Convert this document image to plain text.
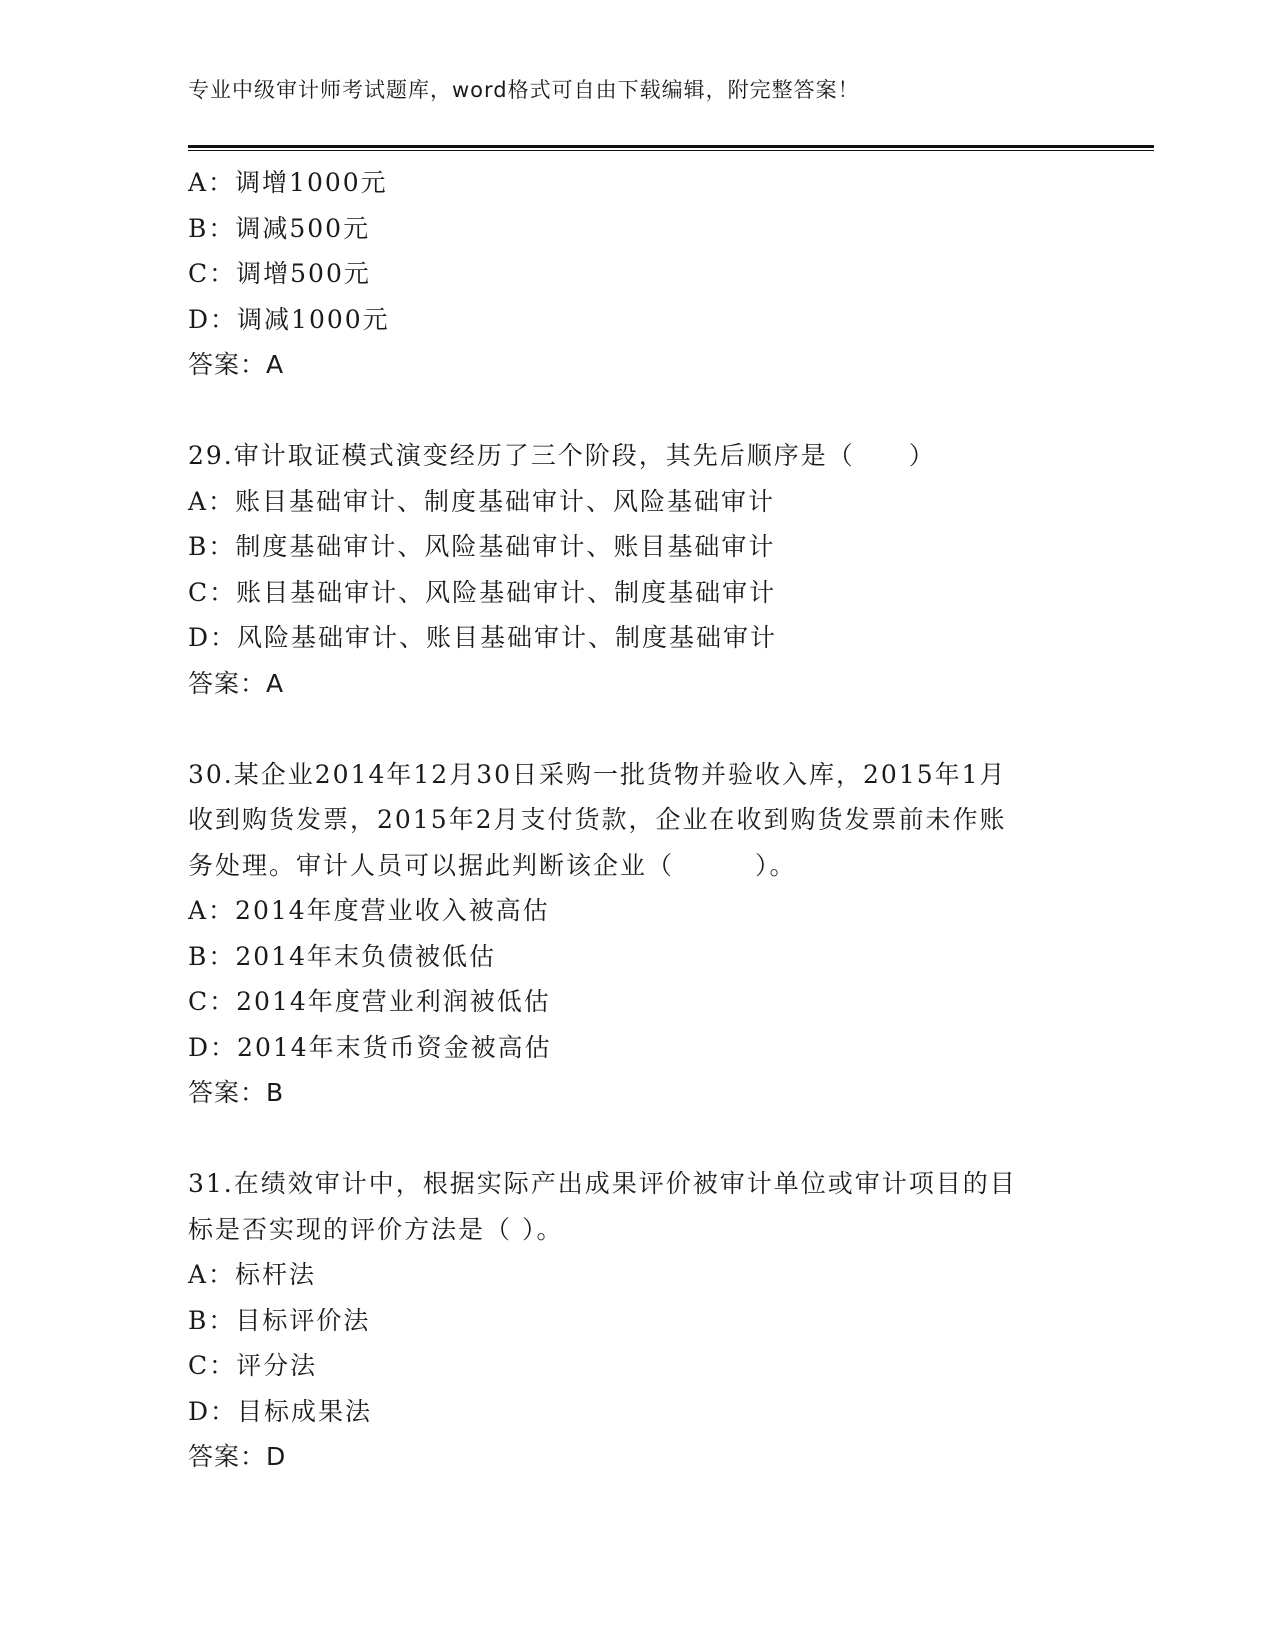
专业中级审计师考试题库，word格式可自由下载编辑，附完整答案！
A：调增1000元
B：调减500元
C：调增500元
D：调减1000元
答案：A
29.审计取证模式演变经历了三个阶段，其先后顺序是（　　）
A：账目基础审计、制度基础审计、风险基础审计
B：制度基础审计、风险基础审计、账目基础审计
C：账目基础审计、风险基础审计、制度基础审计
D：风险基础审计、账目基础审计、制度基础审计
答案：A
30.某企业2014年12月30日采购一批货物并验收入库，2015年1月
收到购货发票，2015年2月支付货款，企业在收到购货发票前未作账
务处理。审计人员可以据此判断该企业（　　　）。
A：2014年度营业收入被高估
B：2014年末负债被低估
C：2014年度营业利润被低估
D：2014年末货币资金被高估
答案：B
31.在绩效审计中，根据实际产出成果评价被审计单位或审计项目的目
标是否实现的评价方法是（ ）。
A：标杆法
B：目标评价法
C：评分法
D：目标成果法
答案：D
